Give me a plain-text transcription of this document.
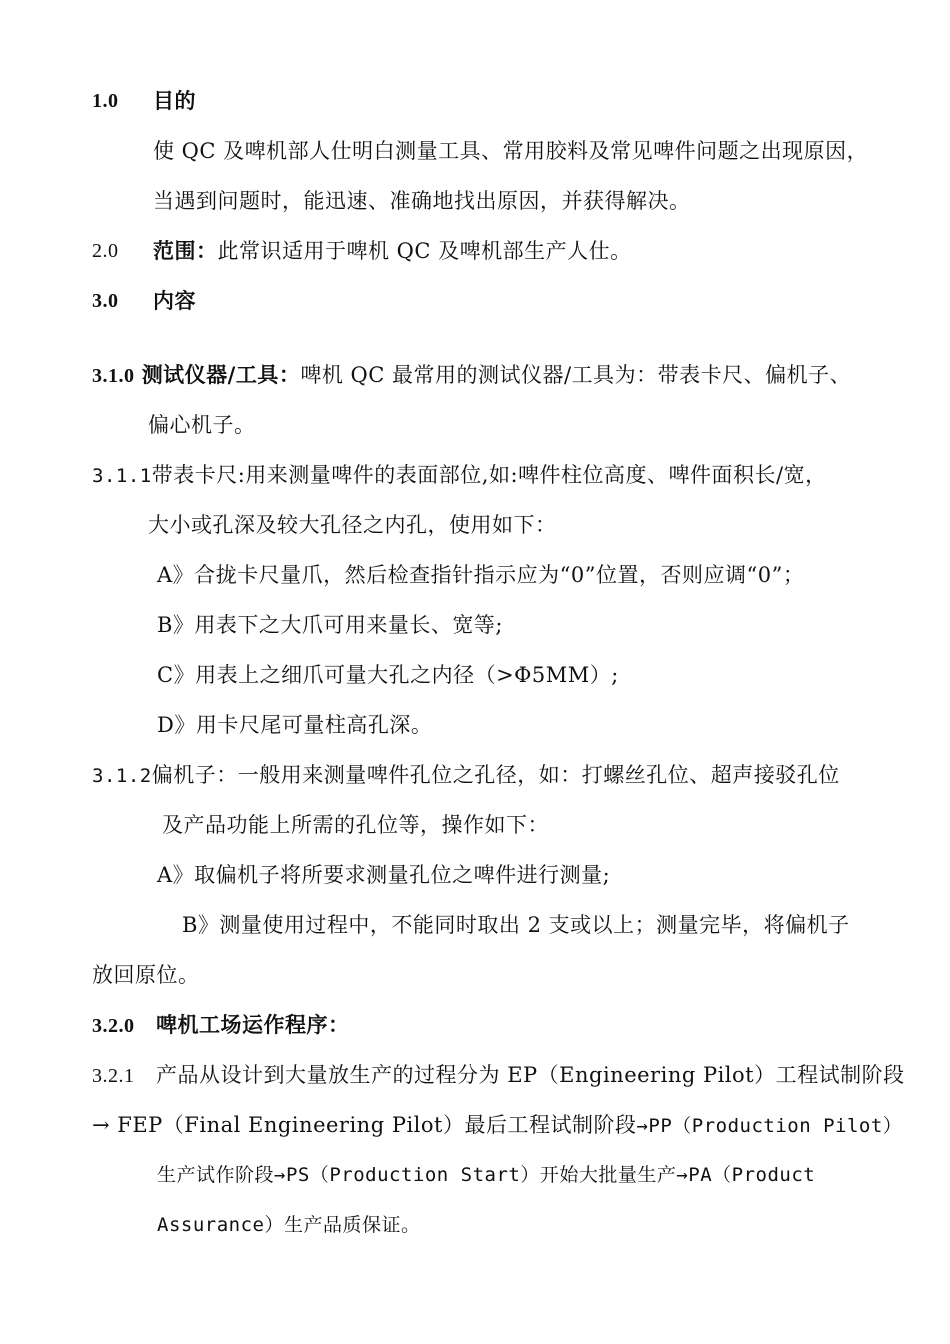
1.0 目的
使 QC 及啤机部人仕明白测量工具、常用胶料及常见啤件问题之出现原因，
当遇到问题时，能迅速、准确地找出原因，并获得解决。
2.0 范围：此常识适用于啤机 QC 及啤机部生产人仕。
3.0 内容
3.1.0 测试仪器/工具：啤机 QC 最常用的测试仪器/工具为：带表卡尺、偏机子、
偏心机子。
3.1.1带表卡尺:用来测量啤件的表面部位,如:啤件柱位高度、啤件面积长/宽，
大小或孔深及较大孔径之内孔，使用如下：
A》合拢卡尺量爪，然后检查指针指示应为“0”位置，否则应调“0”；
B》用表下之大爪可用来量长、宽等;
C》用表上之细爪可量大孔之内径（>Φ5MM）;
D》用卡尺尾可量柱高孔深。
3.1.2偏机子：一般用来测量啤件孔位之孔径，如：打螺丝孔位、超声接驳孔位
及产品功能上所需的孔位等，操作如下：
A》取偏机子将所要求测量孔位之啤件进行测量;
B》测量使用过程中，不能同时取出 2 支或以上；测量完毕，将偏机子
放回原位。
3.2.0 啤机工场运作程序：
3.2.1 产品从设计到大量放生产的过程分为 EP（Engineering Pilot）工程试制阶段
→ FEP（Final Engineering Pilot）最后工程试制阶段→PP（Production Pilot）
生产试作阶段→PS（Production Start）开始大批量生产→PA（Product
Assurance）生产品质保证。
